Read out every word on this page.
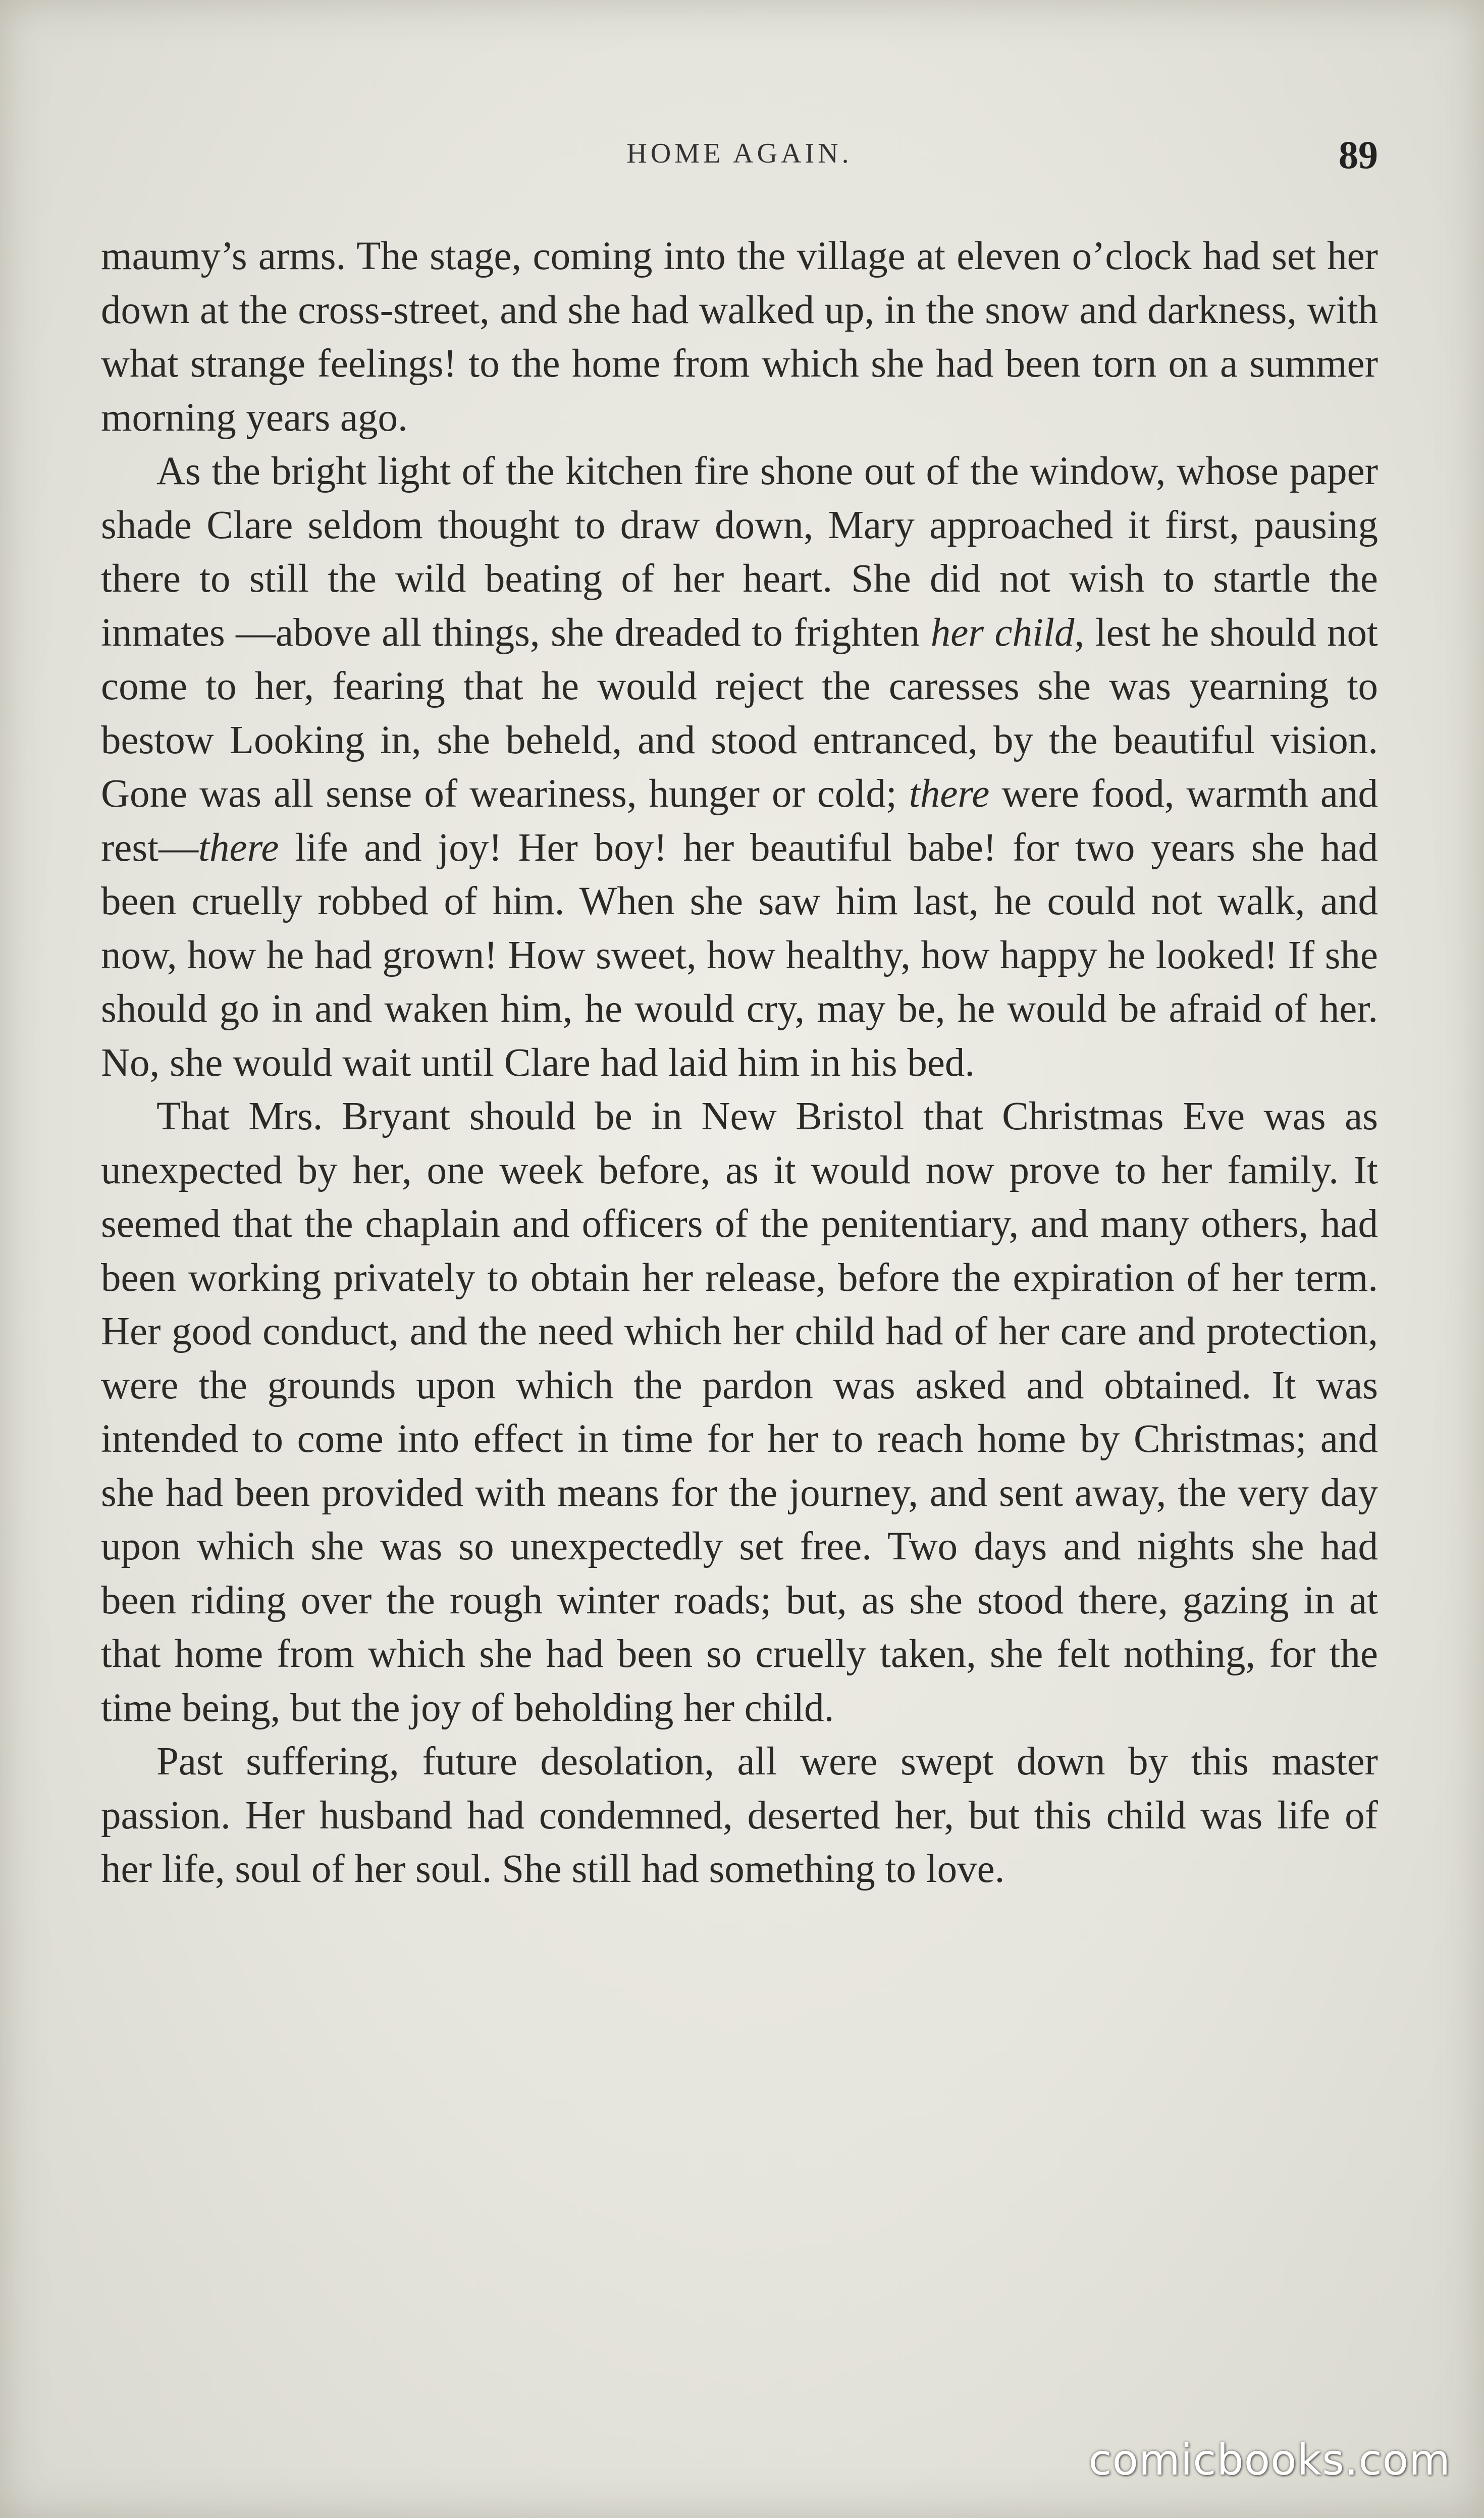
HOME AGAIN.	89

maumy’s arms. The stage, coming into the village at eleven o’clock had set her down at the cross-street, and she had walked up, in the snow and darkness, with what strange feelings! to the home from which she had been torn on a summer morning years ago.

As the bright light of the kitchen fire shone out of the window, whose paper shade Clare seldom thought to draw down, Mary approached it first, pausing there to still the wild beating of her heart. She did not wish to startle the inmates —above all things, she dreaded to frighten her child, lest he should not come to her, fearing that he would reject the caresses she was yearning to bestow Looking in, she beheld, and stood entranced, by the beautiful vision. Gone was all sense of weariness, hunger or cold; there were food, warmth and rest—there life and joy! Her boy! her beautiful babe! for two years she had been cruelly robbed of him. When she saw him last, he could not walk, and now, how he had grown! How sweet, how healthy, how happy he looked! If she should go in and waken him, he would cry, may be, he would be afraid of her. No, she would wait until Clare had laid him in his bed.

That Mrs. Bryant should be in New Bristol that Christmas Eve was as unexpected by her, one week before, as it would now prove to her family. It seemed that the chaplain and officers of the penitentiary, and many others, had been working privately to obtain her release, before the expiration of her term. Her good conduct, and the need which her child had of her care and protection, were the grounds upon which the pardon was asked and obtained. It was intended to come into effect in time for her to reach home by Christmas; and she had been provided with means for the journey, and sent away, the very day upon which she was so unexpectedly set free. Two days and nights she had been riding over the rough winter roads; but, as she stood there, gazing in at that home from which she had been so cruelly taken, she felt nothing, for the time being, but the joy of beholding her child.

Past suffering, future desolation, all were swept down by this master passion. Her husband had condemned, deserted her, but this child was life of her life, soul of her soul. She still had something to love.

comicbooks.com
